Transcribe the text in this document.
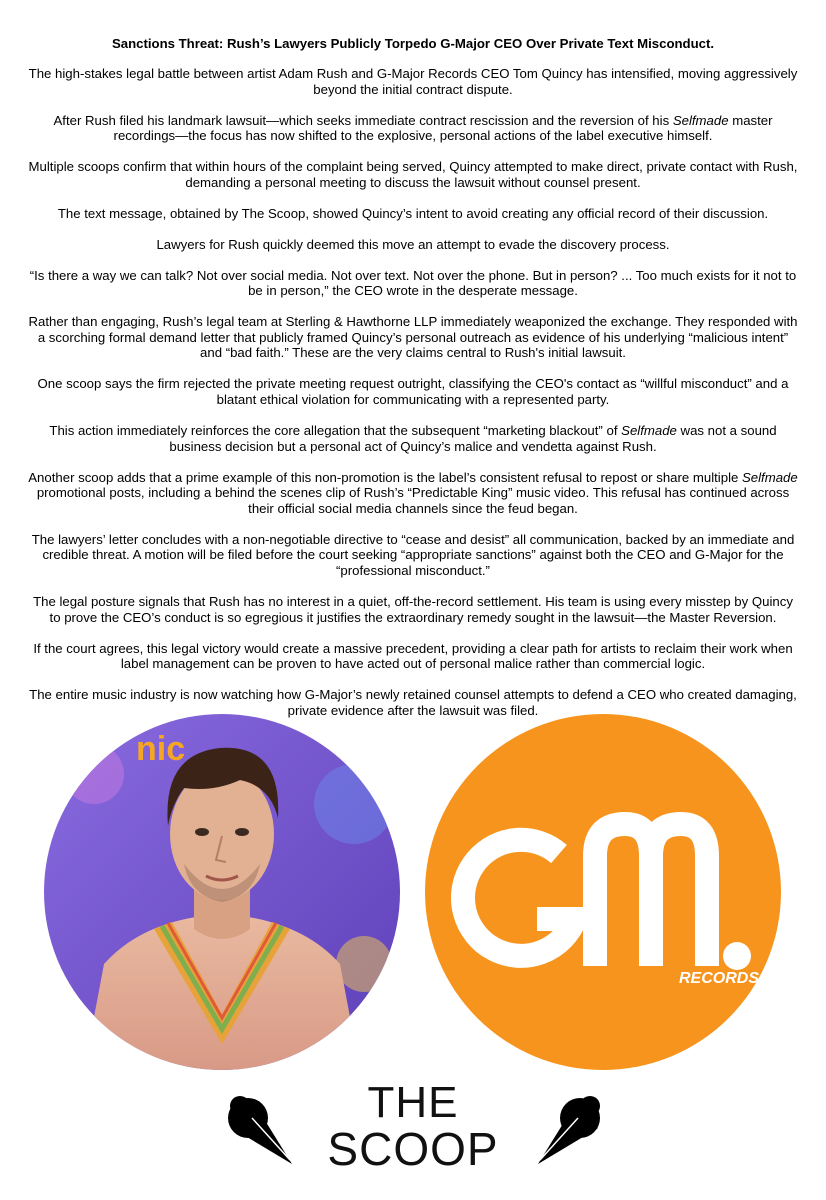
Sanctions Threat: Rush’s Lawyers Publicly Torpedo G-Major CEO Over Private Text Misconduct.

The high-stakes legal battle between artist Adam Rush and G-Major Records CEO Tom Quincy has intensified, moving aggressively beyond the initial contract dispute.

After Rush filed his landmark lawsuit—which seeks immediate contract rescission and the reversion of his Selfmade master recordings—the focus has now shifted to the explosive, personal actions of the label executive himself.

Multiple scoops confirm that within hours of the complaint being served, Quincy attempted to make direct, private contact with Rush, demanding a personal meeting to discuss the lawsuit without counsel present.

The text message, obtained by The Scoop, showed Quincy’s intent to avoid creating any official record of their discussion.

Lawyers for Rush quickly deemed this move an attempt to evade the discovery process.

“Is there a way we can talk? Not over social media. Not over text. Not over the phone. But in person? ... Too much exists for it not to be in person,” the CEO wrote in the desperate message.

Rather than engaging, Rush’s legal team at Sterling & Hawthorne LLP immediately weaponized the exchange. They responded with a scorching formal demand letter that publicly framed Quincy’s personal outreach as evidence of his underlying “malicious intent” and “bad faith.” These are the very claims central to Rush's initial lawsuit.

One scoop says the firm rejected the private meeting request outright, classifying the CEO's contact as “willful misconduct” and a blatant ethical violation for communicating with a represented party.

This action immediately reinforces the core allegation that the subsequent “marketing blackout” of Selfmade was not a sound business decision but a personal act of Quincy’s malice and vendetta against Rush.

Another scoop adds that a prime example of this non-promotion is the label’s consistent refusal to repost or share multiple Selfmade promotional posts, including a behind the scenes clip of Rush’s “Predictable King” music video. This refusal has continued across their official social media channels since the feud began.

The lawyers’ letter concludes with a non-negotiable directive to “cease and desist” all communication, backed by an immediate and credible threat. A motion will be filed before the court seeking “appropriate sanctions” against both the CEO and G-Major for the “professional misconduct.”

The legal posture signals that Rush has no interest in a quiet, off-the-record settlement. His team is using every misstep by Quincy to prove the CEO’s conduct is so egregious it justifies the extraordinary remedy sought in the lawsuit—the Master Reversion.

If the court agrees, this legal victory would create a massive precedent, providing a clear path for artists to reclaim their work when label management can be proven to have acted out of personal malice rather than commercial logic.

The entire music industry is now watching how G-Major’s newly retained counsel attempts to defend a CEO who created damaging, private evidence after the lawsuit was filed.

nic
RECORDS
THE
SCOOP
